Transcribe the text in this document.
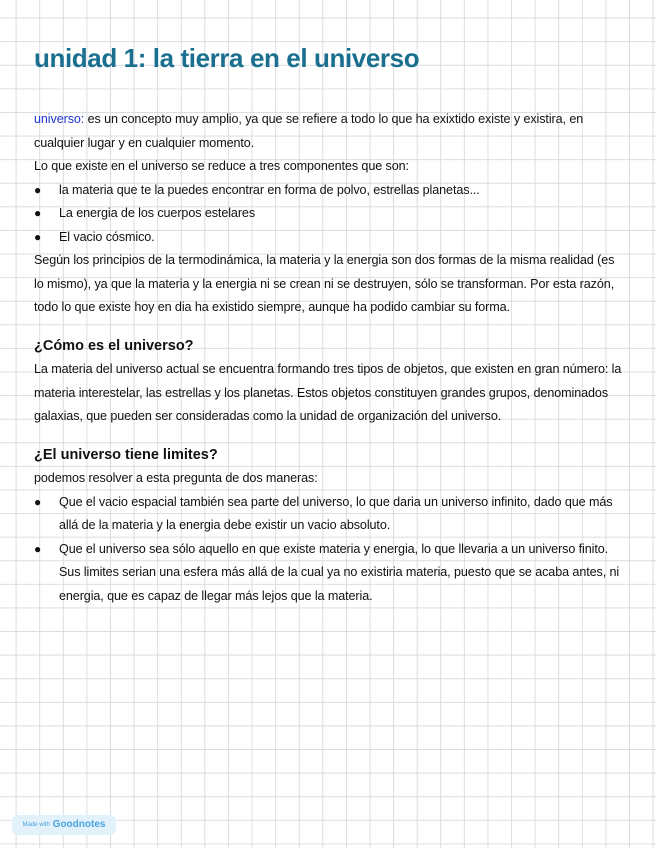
unidad 1: la tierra en el universo

universo: es un concepto muy amplio, ya que se refiere a todo lo que ha exixtido existe y existira, en cualquier lugar y en cualquier momento.

Lo que existe en el universo se reduce a tres componentes que son:

● la materia que te la puedes encontrar en forma de polvo, estrellas planetas...
● La energia de los cuerpos estelares
● El vacio cósmico.

Según los principios de la termodinámica, la materia y la energia son dos formas de la misma realidad (es lo mismo), ya que la materia y la energia ni se crean ni se destruyen, sólo se transforman. Por esta razón, todo lo que existe hoy en dia ha existido siempre, aunque ha podido cambiar su forma.

¿Cómo es el universo?

La materia del universo actual se encuentra formando tres tipos de objetos, que existen en gran número: la materia interestelar, las estrellas y los planetas. Estos objetos constituyen grandes grupos, denominados galaxias, que pueden ser consideradas como la unidad de organización del universo.

¿El universo tiene limites?

podemos resolver a esta pregunta de dos maneras:

● Que el vacio espacial también sea parte del universo, lo que daria un universo infinito, dado que más allá de la materia y la energia debe existir un vacio absoluto.
● Que el universo sea sólo aquello en que existe materia y energia, lo que llevaria a un universo finito. Sus limites serian una esfera más allá de la cual ya no existiria materia, puesto que se acaba antes, ni energia, que es capaz de llegar más lejos que la materia.
Made with Goodnotes
